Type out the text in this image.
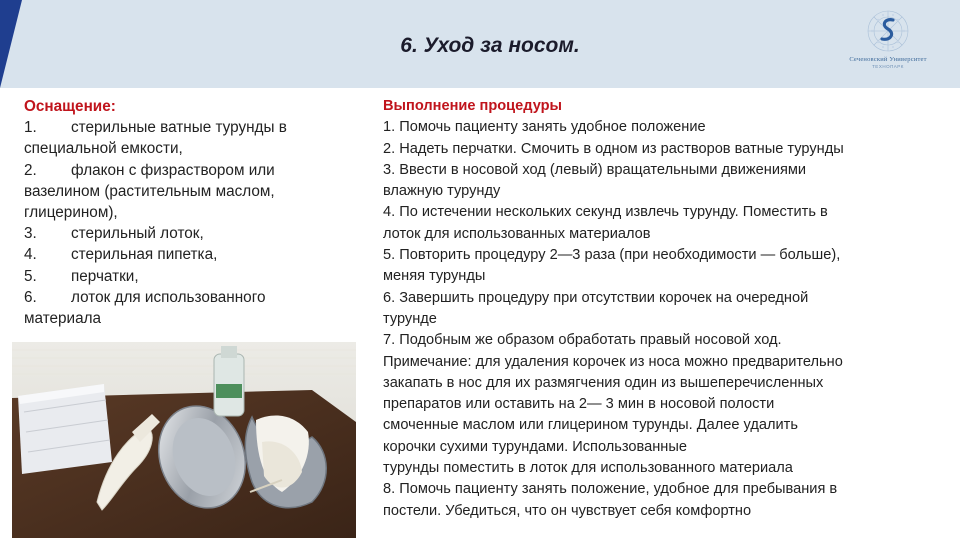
6. Уход за носом.
Сеченовский Университет
ТЕХНОПАРК
Оснащение:
1. стерильные ватные турунды в
специальной емкости,
2. флакон с физраствором или
вазелином (растительным маслом, глицерином),
3. стерильный лоток,
4. стерильная пипетка,
5. перчатки,
6. лоток для использованного
материала
Выполнение процедуры
1. Помочь пациенту занять удобное положение
2. Надеть перчатки. Смочить в одном из растворов ватные турунды
3. Ввести в носовой ход (левый) вращательными движениями
влажную турунду
4. По истечении нескольких секунд извлечь турунду. Поместить в
лоток для использованных материалов
5. Повторить процедуру 2—3 раза (при необходимости — больше),
меняя турунды
6. Завершить процедуру при отсутствии корочек на очередной
турунде
7. Подобным же образом обработать правый носовой ход.
Примечание: для удаления корочек из носа можно предварительно
закапать в нос для их размягчения один из вышеперечисленных
препаратов или оставить на 2— 3 мин в носовой полости
смоченные маслом или глицерином турунды. Далее удалить
корочки сухими турундами. Использованные
турунды поместить в лоток для использованного материала
8. Помочь пациенту занять положение, удобное для пребывания в
постели. Убедиться, что он чувствует себя комфортно
